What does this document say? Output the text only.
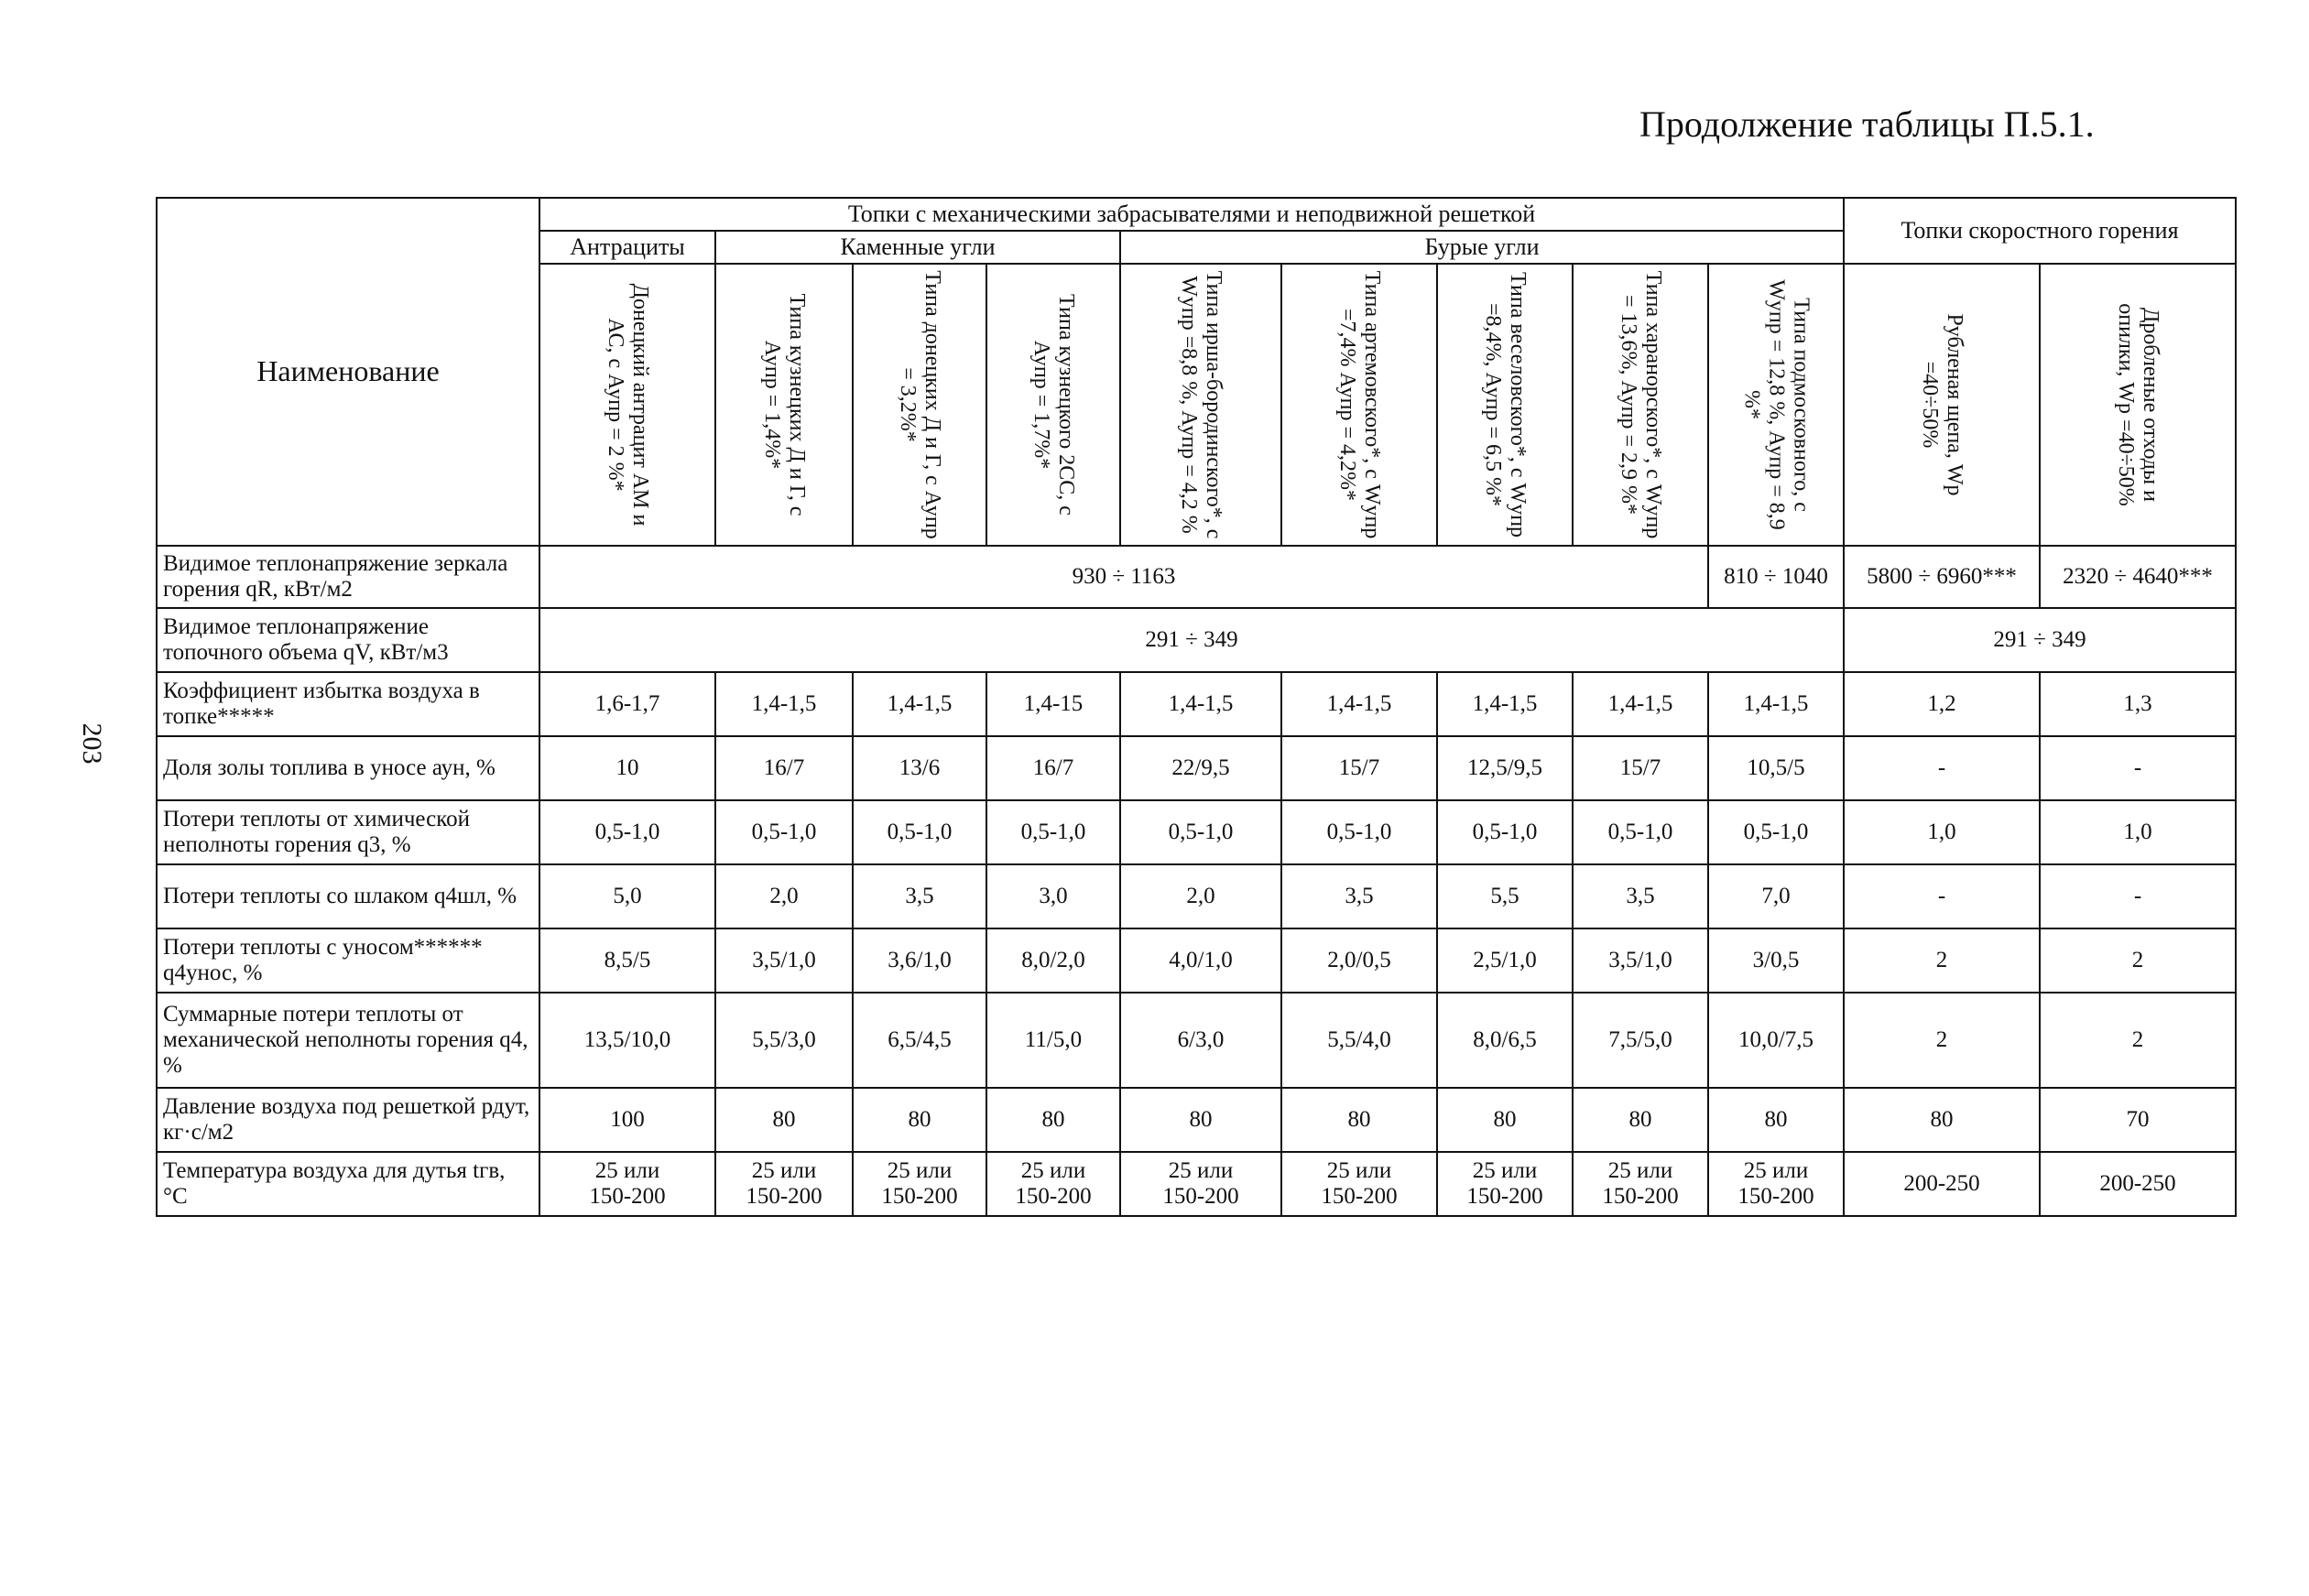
Продолжение таблицы П.5.1.
203
Наименование	Топки с механическими забрасывателями и неподвижной решеткой									Топки скоростного горения	
	Антрациты	Каменные угли			Бурые угли						

	Донецкий антрацит АМ и АС, с Аупр = 2 %*	Типа кузнецких Д и Г, с Аупр = 1,4%*	Типа донецких Д и Г, с Аупр = 3,2%*	Типа кузнецкого 2СС, с Аупр = 1,7%*	Типа ирша-бородинского*, с Wупр =8,8 %, Аупр = 4,2 %	Типа артемовского*, с Wупр =7,4% Аупр = 4,2%*	Типа веселовского*, с Wупр =8,4%, Аупр = 6,5 %*	Типа харанорского*, с Wупр = 13,6%, Аупр = 2,9 %*	Типа подмосковного, с Wупр = 12,8 %, Аупр = 8,9 %*	Рубленая щепа, Wр =40÷50%	Дробленые отходы и опилки, Wр =40÷50%

Видимое теплонапряжение зеркала горения qR, кВт/м2	930 ÷ 1163								810 ÷ 1040	5800 ÷ 6960***	2320 ÷ 4640***
Видимое теплонапряжение топочного объема qV, кВт/м3	291 ÷ 349									291 ÷ 349	
Коэффициент избытка воздуха в топке*****	1,6-1,7	1,4-1,5	1,4-1,5	1,4-15	1,4-1,5	1,4-1,5	1,4-1,5	1,4-1,5	1,4-1,5	1,2	1,3
Доля золы топлива в уносе аун, %	10	16/7	13/6	16/7	22/9,5	15/7	12,5/9,5	15/7	10,5/5	-	-
Потери теплоты от химической неполноты горения q3, %	0,5-1,0	0,5-1,0	0,5-1,0	0,5-1,0	0,5-1,0	0,5-1,0	0,5-1,0	0,5-1,0	0,5-1,0	1,0	1,0
Потери теплоты со шлаком q4шл, %	5,0	2,0	3,5	3,0	2,0	3,5	5,5	3,5	7,0	-	-
Потери теплоты с уносом****** q4унос, %	8,5/5	3,5/1,0	3,6/1,0	8,0/2,0	4,0/1,0	2,0/0,5	2,5/1,0	3,5/1,0	3/0,5	2	2
Суммарные потери теплоты от механической неполноты горения q4, %	13,5/10,0	5,5/3,0	6,5/4,5	11/5,0	6/3,0	5,5/4,0	8,0/6,5	7,5/5,0	10,0/7,5	2	2
Давление воздуха под решеткой рдут, кг·с/м2	100	80	80	80	80	80	80	80	80	80	70
Температура воздуха для дутья tгв, °С	25 или
150-200	25 или
150-200	25 или
150-200	25 или
150-200	25 или
150-200	25 или
150-200	25 или
150-200	25 или
150-200	25 или
150-200	200-250	200-250
